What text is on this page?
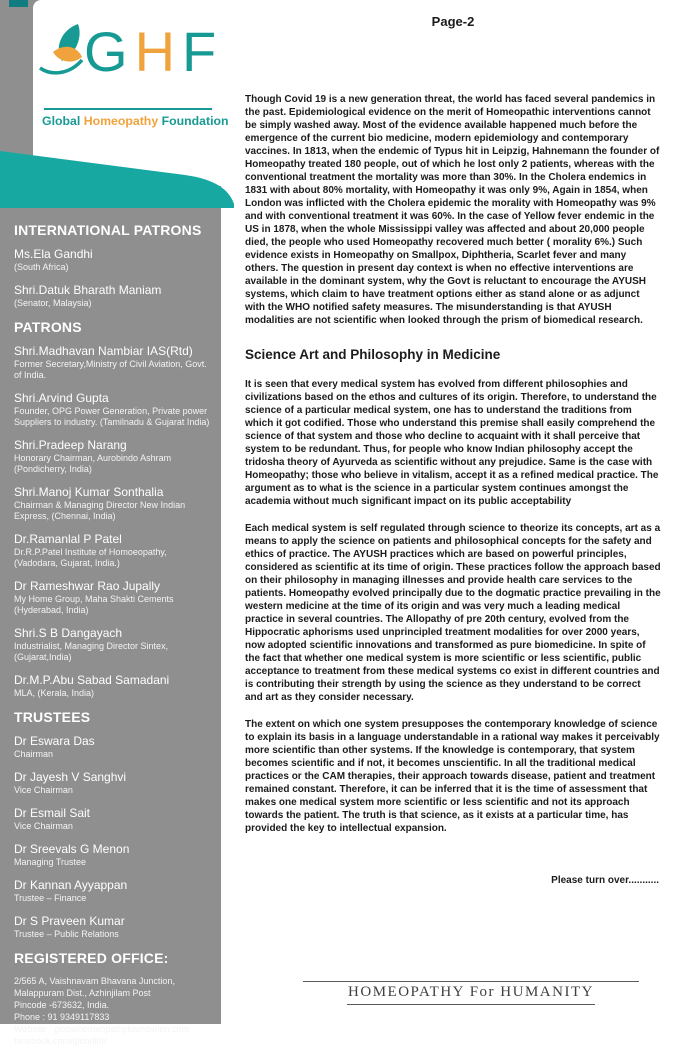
GHF
Global Homeopathy Foundation
INTERNATIONAL PATRONS
Ms.Ela Gandhi
(South Africa)
Shri.Datuk Bharath Maniam
(Senator, Malaysia)
PATRONS
Shri.Madhavan Nambiar IAS(Rtd)
Former Secretary,Ministry of Civil Aviation, Govt. of India.
Shri.Arvind Gupta
Founder, OPG Power Generation, Private power Suppliers to industry. (Tamilnadu & Gujarat India)
Shri.Pradeep Narang
Honorary Chairman, Aurobindo Ashram (Pondicherry, India)
Shri.Manoj Kumar Sonthalia
Chairman & Managing Director New Indian Express, (Chennai, India)
Dr.Ramanlal P Patel
Dr.R.P.Patel Institute of Homoeopathy, (Vadodara, Gujarat, India.)
Dr Rameshwar Rao Jupally
My Home Group, Maha Shakti Cements (Hyderabad, India)
Shri.S B Dangayach
Industrialist, Managing Director Sintex, (Gujarat,India)
Dr.M.P.Abu Sabad Samadani
MLA, (Kerala, India)
TRUSTEES
Dr Eswara Das
Chairman
Dr Jayesh V Sanghvi
Vice Chairman
Dr Esmail Sait
Vice Chairman
Dr Sreevals G Menon
Managing Trustee
Dr Kannan Ayyappan
Trustee – Finance
Dr S Praveen Kumar
Trustee – Public Relations
REGISTERED OFFICE:
2/565 A, Vaishnavam Bhavana Junction,
Malappuram Dist., Azhinjilam Post
Pincode -673632, India.
Phone : 91 9349117833
Website : globalhomeopathyfoundation.com
facebook.com/globalhf/
Page-2

Though Covid 19 is a new generation threat, the world has faced several pandemics in the past. Epidemiological evidence on the merit of Homeopathic interventions cannot be simply washed away. Most of the evidence available happened much before the emergence of the current bio medicine, modern epidemiology and contemporary vaccines. In 1813, when the endemic of Typus hit in Leipzig, Hahnemann the founder of Homeopathy treated 180 people, out of which he lost only 2 patients, whereas with the conventional treatment the mortality was more than 30%. In the Cholera endemics in 1831 with about 80% mortality, with Homeopathy it was only 9%, Again in 1854, when London was inflicted with the Cholera epidemic the morality with Homeopathy was 9% and with conventional treatment it was 60%. In the case of Yellow fever endemic in the US in 1878, when the whole Mississippi valley was affected and about 20,000 people died, the people who used Homeopathy recovered much better ( morality 6%.) Such evidence exists in Homeopathy on Smallpox, Diphtheria, Scarlet fever and many others. The question in present day context is when no effective interventions are available in the dominant system, why the Govt is reluctant to encourage the AYUSH systems, which claim to have treatment options either as stand alone or as adjunct with the WHO notified safety measures. The misunderstanding is that AYUSH modalities are not scientific when looked through the prism of biomedical research.

Science Art and Philosophy in Medicine

It is seen that every medical system has evolved from different philosophies and civilizations based on the ethos and cultures of its origin. Therefore, to understand the science of a particular medical system, one has to understand the traditions from which it got codified. Those who understand this premise shall easily comprehend the science of that system and those who decline to acquaint with it shall perceive that system to be redundant. Thus, for people who know Indian philosophy accept the tridosha theory of Ayurveda as scientific without any prejudice. Same is the case with Homeopathy; those who believe in vitalism, accept it as a refined medical practice. The argument as to what is the science in a particular system continues amongst the academia without much significant impact on its public acceptability

Each medical system is self regulated through science to theorize its concepts, art as a means to apply the science on patients and philosophical concepts for the safety and ethics of practice. The AYUSH practices which are based on powerful principles, considered as scientific at its time of origin. These practices follow the approach based on their philosophy in managing illnesses and provide health care services to the patients. Homeopathy evolved principally due to the dogmatic practice prevailing in the western medicine at the time of its origin and was very much a leading medical practice in several countries. The Allopathy of pre 20th century, evolved from the Hippocratic aphorisms used unprincipled treatment modalities for over 2000 years, now adopted scientific innovations and transformed as pure biomedicine. In spite of the fact that whether one medical system is more scientific or less scientific, public acceptance to treatment from these medical systems co exist in different countries and is contributing their strength by using the science as they understand to be correct and art as they consider necessary.

The extent on which one system presupposes the contemporary knowledge of science to explain its basis in a language understandable in a rational way makes it perceivably more scientific than other systems. If the knowledge is contemporary, that system becomes scientific and if not, it becomes unscientific. In all the traditional medical practices or the CAM therapies, their approach towards disease, patient and treatment remained constant. Therefore, it can be inferred that it is the time of assessment that makes one medical system more scientific or less scientific and not its approach towards the patient. The truth is that science, as it exists at a particular time, has provided the key to intellectual expansion.

Please turn over...........
HOMEOPATHY For HUMANITY
